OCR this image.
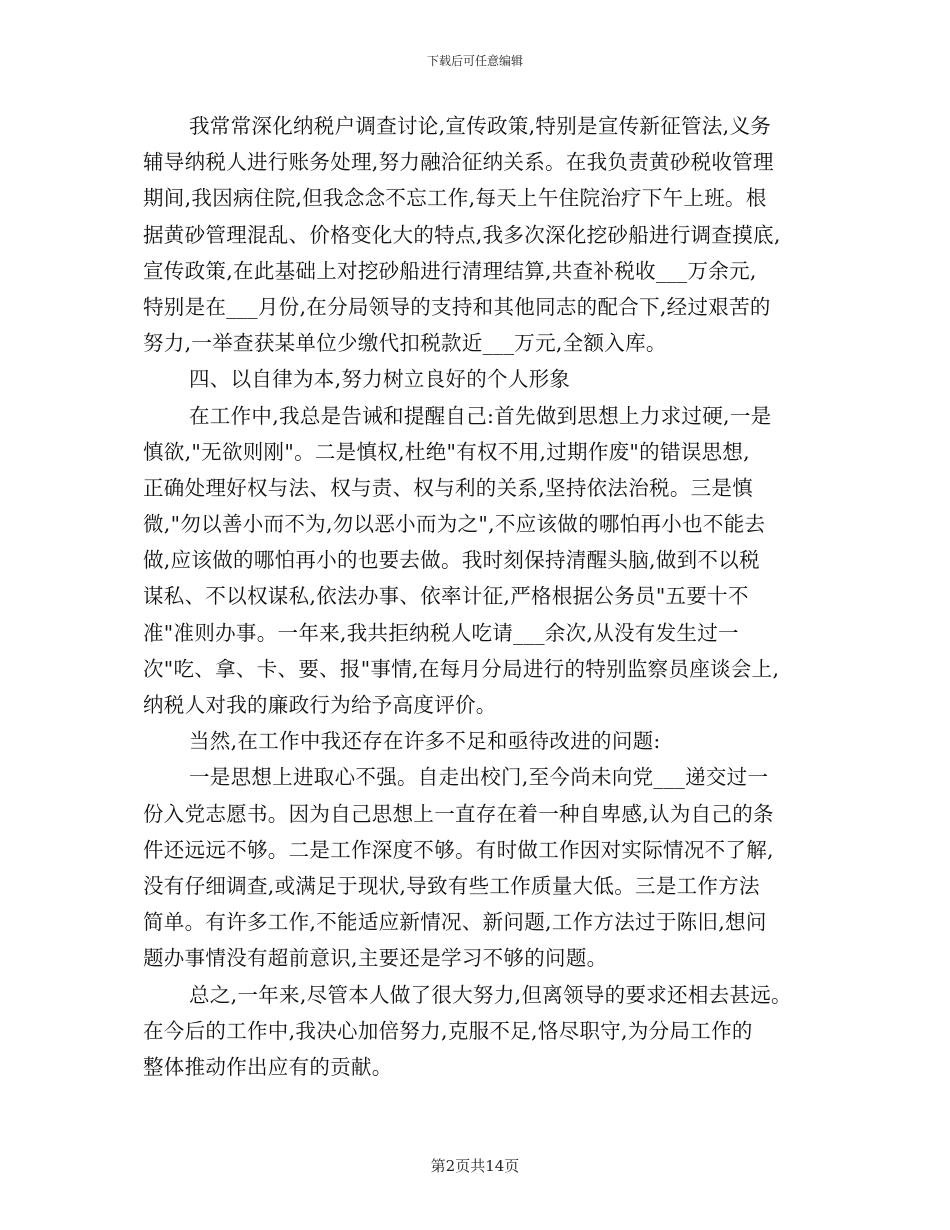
下载后可任意编辑
我常常深化纳税户调查讨论,宣传政策,特别是宣传新征管法,义务
辅导纳税人进行账务处理,努力融洽征纳关系。在我负责黄砂税收管理
期间,我因病住院,但我念念不忘工作,每天上午住院治疗下午上班。根
据黄砂管理混乱、价格变化大的特点,我多次深化挖砂船进行调查摸底,
宣传政策,在此基础上对挖砂船进行清理结算,共查补税收___万余元,
特别是在___月份,在分局领导的支持和其他同志的配合下,经过艰苦的
努力,一举查获某单位少缴代扣税款近___万元,全额入库。
四、以自律为本,努力树立良好的个人形象
在工作中,我总是告诫和提醒自己:首先做到思想上力求过硬,一是
慎欲,"无欲则刚"。二是慎权,杜绝"有权不用,过期作废"的错误思想,
正确处理好权与法、权与责、权与利的关系,坚持依法治税。三是慎
微,"勿以善小而不为,勿以恶小而为之",不应该做的哪怕再小也不能去
做,应该做的哪怕再小的也要去做。我时刻保持清醒头脑,做到不以税
谋私、不以权谋私,依法办事、依率计征,严格根据公务员"五要十不
准"准则办事。一年来,我共拒纳税人吃请___余次,从没有发生过一
次"吃、拿、卡、要、报"事情,在每月分局进行的特别监察员座谈会上,
纳税人对我的廉政行为给予高度评价。
当然,在工作中我还存在许多不足和亟待改进的问题:
一是思想上进取心不强。自走出校门,至今尚未向党___递交过一
份入党志愿书。因为自己思想上一直存在着一种自卑感,认为自己的条
件还远远不够。二是工作深度不够。有时做工作因对实际情况不了解,
没有仔细调查,或满足于现状,导致有些工作质量大低。三是工作方法
简单。有许多工作,不能适应新情况、新问题,工作方法过于陈旧,想问
题办事情没有超前意识,主要还是学习不够的问题。
总之,一年来,尽管本人做了很大努力,但离领导的要求还相去甚远。
在今后的工作中,我决心加倍努力,克服不足,恪尽职守,为分局工作的
整体推动作出应有的贡献。
第2页共14页
